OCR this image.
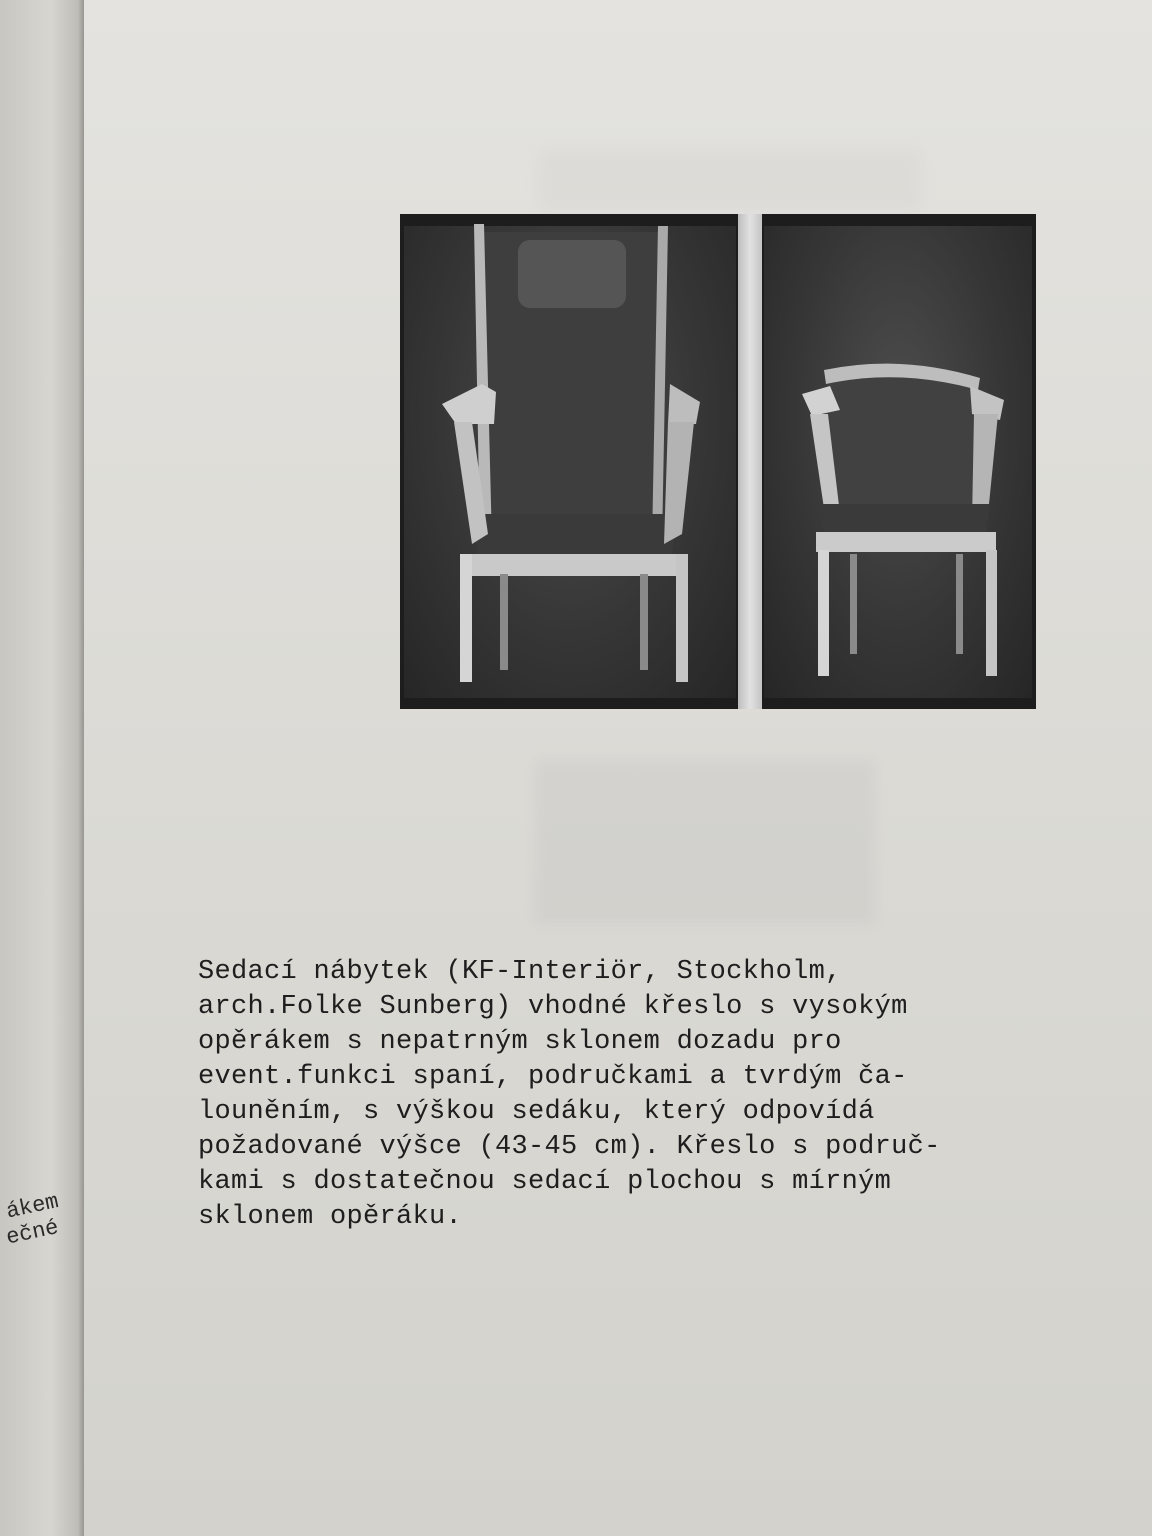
ákem
ečné

Sedací nábytek (KF-Interiör, Stockholm,
arch.Folke Sunberg) vhodné křeslo s vysokým
opěrákem s nepatrným sklonem dozadu pro
event.funkci spaní, područkami a tvrdým ča-
louněním, s výškou sedáku, který odpovídá
požadované výšce (43-45 cm). Křeslo s područ-
kami s dostatečnou sedací plochou s mírným
sklonem opěráku.
